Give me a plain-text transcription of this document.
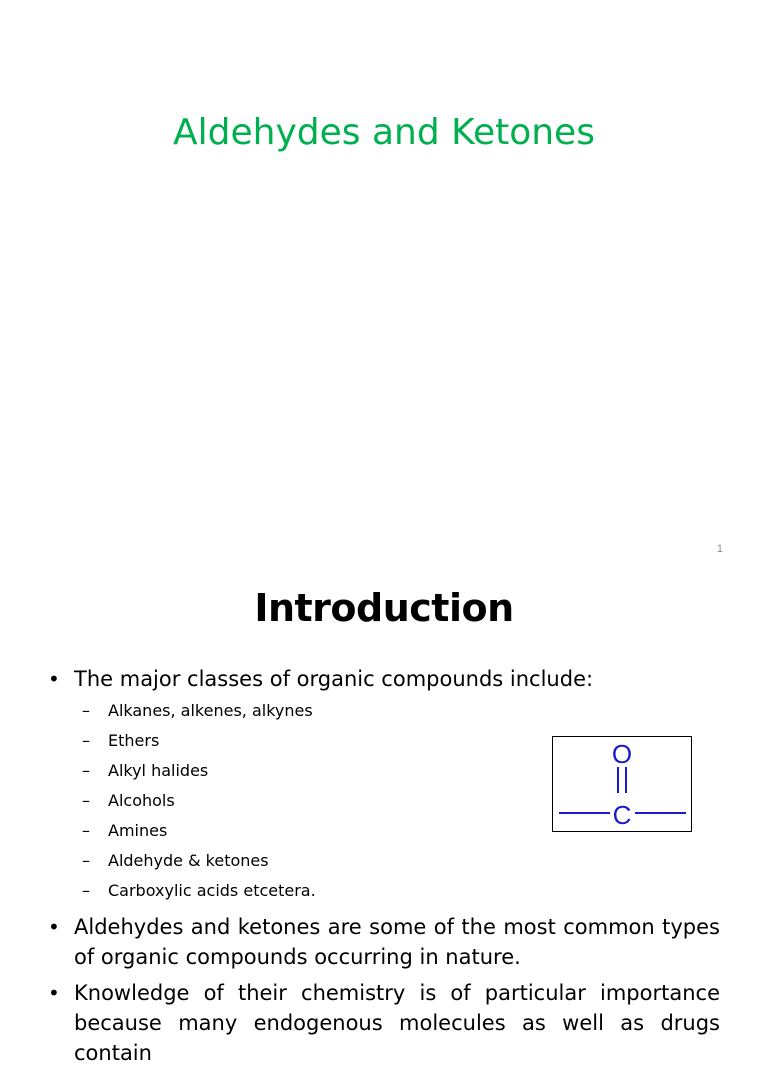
Aldehydes and Ketones
1
Introduction
• The major classes of organic compounds include:
– Alkanes, alkenes, alkynes
– Ethers
– Alkyl halides
– Alcohols
– Amines
– Aldehyde & ketones
– Carboxylic acids etcetera.
• Aldehydes and ketones are some of the most common types of organic compounds occurring in nature.
• Knowledge of their chemistry is of particular importance because many endogenous molecules as well as drugs contain
O
C
